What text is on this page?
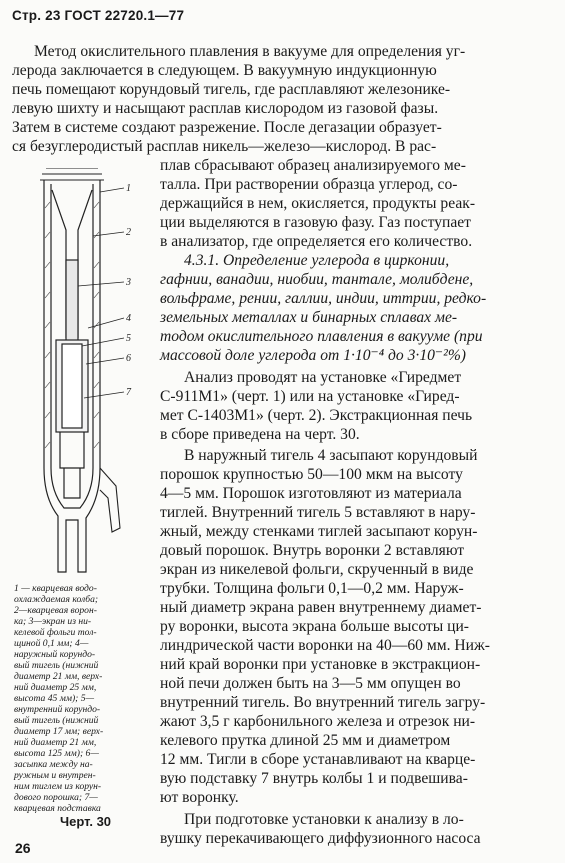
Стр. 23 ГОСТ 22720.1—77
Метод окислительного плавления в вакууме для определения уг-
лерода заключается в следующем. В вакуумную индукционную
печь помещают корундовый тигель, где расплавляют железонике-
левую шихту и насыщают расплав кислородом из газовой фазы.
Затем в системе создают разрежение. После дегазации образует-
ся безуглеродистый расплав никель—железо—кислород. В рас-
плав сбрасывают образец анализируемого ме-
талла. При растворении образца углерод, со-
держащийся в нем, окисляется, продукты реак-
ции выделяются в газовую фазу. Газ поступает
в анализатор, где определяется его количество.
4.3.1. Определение углерода в цирконии,
гафнии, ванадии, ниобии, тантале, молибдене,
вольфраме, рении, галлии, индии, иттрии, редко-
земельных металлах и бинарных сплавах ме-
тодом окислительного плавления в вакууме (при
массовой доле углерода от 1·10⁻⁴ до 3·10⁻²%)
Анализ проводят на установке «Гиредмет
С-911М1» (черт. 1) или на установке «Гиред-
мет С-1403М1» (черт. 2). Экстракционная печь
в сборе приведена на черт. 30.
В наружный тигель 4 засыпают корундовый
порошок крупностью 50—100 мкм на высоту
4—5 мм. Порошок изготовляют из материала
тиглей. Внутренний тигель 5 вставляют в нару-
жный, между стенками тиглей засыпают корун-
довый порошок. Внутрь воронки 2 вставляют
экран из никелевой фольги, скрученный в виде
трубки. Толщина фольги 0,1—0,2 мм. Наруж-
ный диаметр экрана равен внутреннему диамет-
ру воронки, высота экрана больше высоты ци-
линдрической части воронки на 40—60 мм. Ниж-
ний край воронки при установке в экстракцион-
ной печи должен быть на 3—5 мм опущен во
внутренний тигель. Во внутренний тигель загру-
жают 3,5 г карбонильного железа и отрезок ни-
келевого прутка длиной 25 мм и диаметром
12 мм. Тигли в сборе устанавливают на кварце-
вую подставку 7 внутрь колбы 1 и подвешива-
ют воронку.
При подготовке установки к анализу в ло-
вушку перекачивающего диффузионного насоса
1
2
3
4
5
6
7
1 — кварцевая водо-
охлаждаемая колба;
2—кварцевая ворон-
ка; 3—экран из ни-
келевой фольги тол-
щиной 0,1 мм; 4—
наружный корундо-
вый тигель (нижний
диаметр 21 мм, верх-
ний диаметр 25 мм,
высота 45 мм); 5—
внутренний корундо-
вый тигель (нижний
диаметр 17 мм; верх-
ний диаметр 21 мм,
высота 125 мм); 6—
засыпка между на-
ружным и внутрен-
ним тиглем из корун-
дового порошка; 7—
кварцевая подставка
Черт. 30
26
